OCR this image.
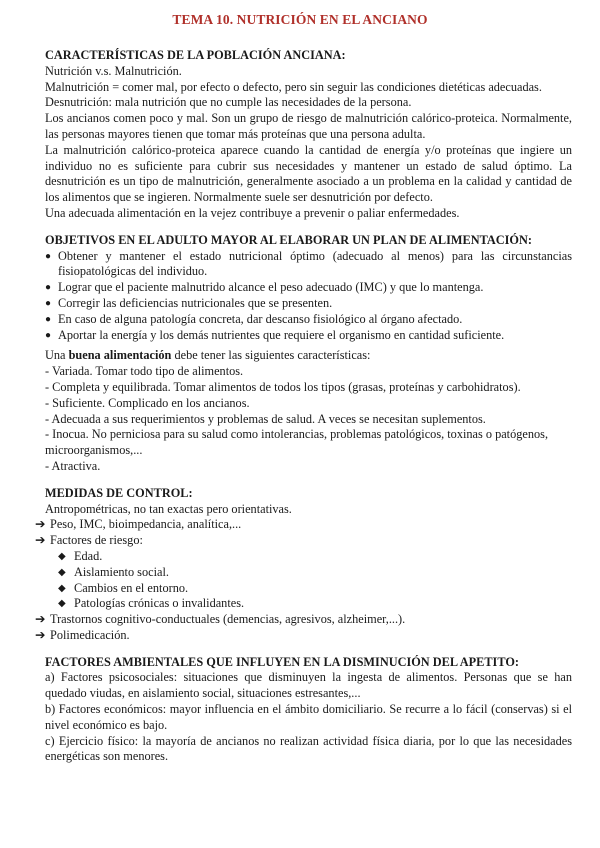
TEMA 10. NUTRICIÓN EN EL ANCIANO

CARACTERÍSTICAS DE LA POBLACIÓN ANCIANA:

Nutrición v.s. Malnutrición.

Malnutrición = comer mal, por efecto o defecto, pero sin seguir las condiciones dietéticas adecuadas.

Desnutrición: mala nutrición que no cumple las necesidades de la persona.

Los ancianos comen poco y mal. Son un grupo de riesgo de malnutrición calórico-proteica. Normalmente, las personas mayores tienen que tomar más proteínas que una persona adulta.

La malnutrición calórico-proteica aparece cuando la cantidad de energía y/o proteínas que ingiere un individuo no es suficiente para cubrir sus necesidades y mantener un estado de salud óptimo. La desnutrición es un tipo de malnutrición, generalmente asociado a un problema en la calidad y cantidad de los alimentos que se ingieren. Normalmente suele ser desnutrición por defecto.

Una adecuada alimentación en la vejez contribuye a prevenir o paliar enfermedades.

OBJETIVOS EN EL ADULTO MAYOR AL ELABORAR UN PLAN DE ALIMENTACIÓN:

● Obtener y mantener el estado nutricional óptimo (adecuado al menos) para las circunstancias fisiopatológicas del individuo.

● Lograr que el paciente malnutrido alcance el peso adecuado (IMC) y que lo mantenga.

● Corregir las deficiencias nutricionales que se presenten.

● En caso de alguna patología concreta, dar descanso fisiológico al órgano afectado.

● Aportar la energía y los demás nutrientes que requiere el organismo en cantidad suficiente.

Una buena alimentación debe tener las siguientes características:

- Variada. Tomar todo tipo de alimentos.

- Completa y equilibrada. Tomar alimentos de todos los tipos (grasas, proteínas y carbohidratos).

- Suficiente. Complicado en los ancianos.

- Adecuada a sus requerimientos y problemas de salud. A veces se necesitan suplementos.

- Inocua. No perniciosa para su salud como intolerancias, problemas patológicos, toxinas o patógenos, microorganismos,...

- Atractiva.

MEDIDAS DE CONTROL:

Antropométricas, no tan exactas pero orientativas.

➔ Peso, IMC, bioimpedancia, analítica,...

➔ Factores de riesgo:

◆ Edad.

◆ Aislamiento social.

◆ Cambios en el entorno.

◆ Patologías crónicas o invalidantes.

➔ Trastornos cognitivo-conductuales (demencias, agresivos, alzheimer,...).

➔ Polimedicación.

FACTORES AMBIENTALES QUE INFLUYEN EN LA DISMINUCIÓN DEL APETITO:

a) Factores psicosociales: situaciones que disminuyen la ingesta de alimentos. Personas que se han quedado viudas, en aislamiento social, situaciones estresantes,...

b) Factores económicos: mayor influencia en el ámbito domiciliario. Se recurre a lo fácil (conservas) si el nivel económico es bajo.

c) Ejercicio físico: la mayoría de ancianos no realizan actividad física diaria, por lo que las necesidades energéticas son menores.
